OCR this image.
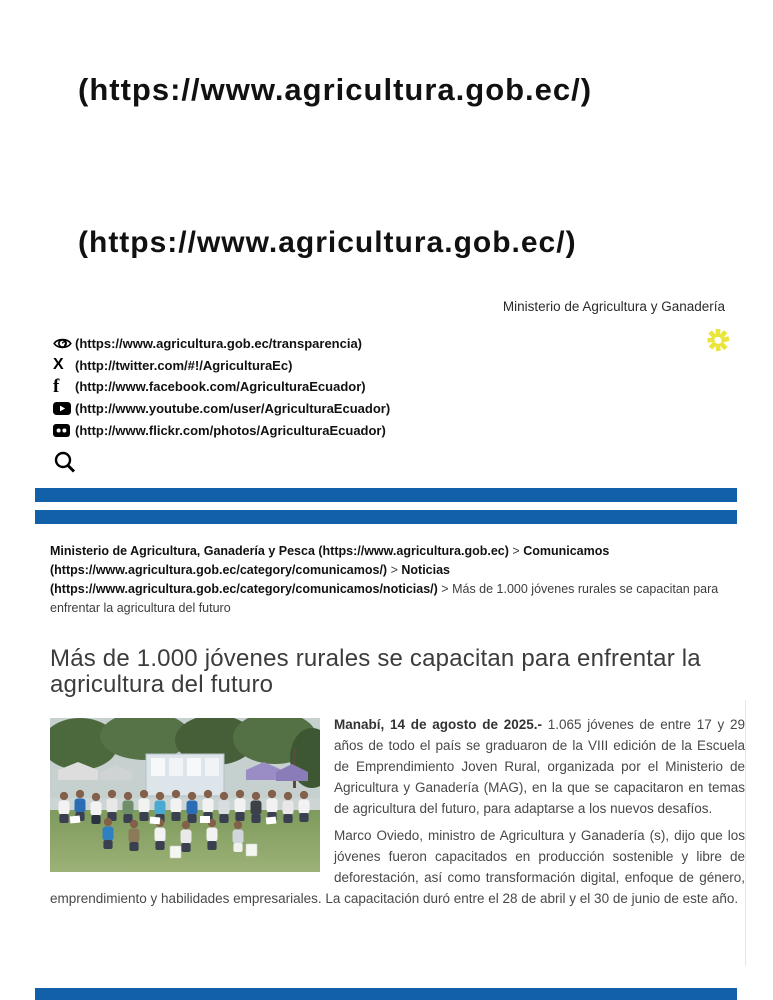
(https://www.agricultura.gob.ec/)
(https://www.agricultura.gob.ec/)
Ministerio de Agricultura y Ganadería
(https://www.agricultura.gob.ec/transparencia)
X (http://twitter.com/#!/AgriculturaEc)
f (http://www.facebook.com/AgriculturaEcuador)
(http://www.youtube.com/user/AgriculturaEcuador)
(http://www.flickr.com/photos/AgriculturaEcuador)

Ministerio de Agricultura, Ganadería y Pesca (https://www.agricultura.gob.ec) > Comunicamos (https://www.agricultura.gob.ec/category/comunicamos/) > Noticias (https://www.agricultura.gob.ec/category/comunicamos/noticias/) > Más de 1.000 jóvenes rurales se capacitan para enfrentar la agricultura del futuro

Más de 1.000 jóvenes rurales se capacitan para enfrentar la agricultura del futuro

Manabí, 14 de agosto de 2025.- 1.065 jóvenes de entre 17 y 29 años de todo el país se graduaron de la VIII edición de la Escuela de Emprendimiento Joven Rural, organizada por el Ministerio de Agricultura y Ganadería (MAG), en la que se capacitaron en temas de agricultura del futuro, para adaptarse a los nuevos desafíos.

Marco Oviedo, ministro de Agricultura y Ganadería (s), dijo que los jóvenes fueron capacitados en producción sostenible y libre de deforestación, así como transformación digital, enfoque de género, emprendimiento y habilidades empresariales. La capacitación duró entre el 28 de abril y el 30 de junio de este año.
